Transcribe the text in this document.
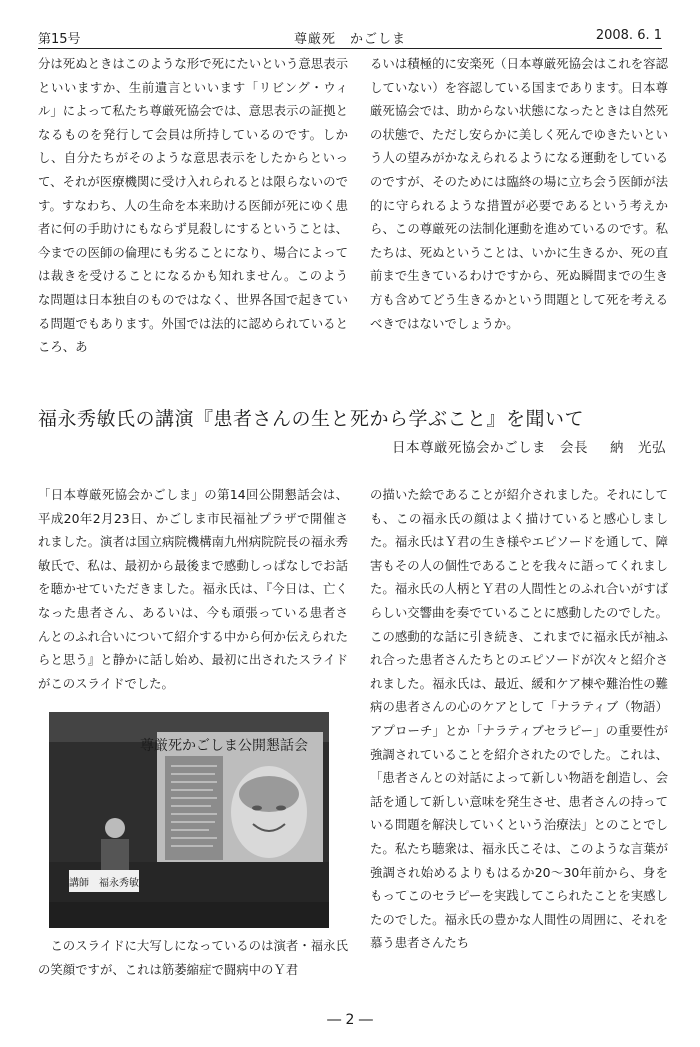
第15号	尊厳死　かごしま	2008. 6. 1

分は死ぬときはこのような形で死にたいという意思表示といいますか、生前遺言といいます「リビング・ウィル」によって私たち尊厳死協会では、意思表示の証拠となるものを発行して会員は所持しているのです。しかし、自分たちがそのような意思表示をしたからといって、それが医療機関に受け入れられるとは限らないのです。すなわち、人の生命を本来助ける医師が死にゆく患者に何の手助けにもならず見殺しにするということは、今までの医師の倫理にも劣ることになり、場合によっては裁きを受けることになるかも知れません。このような問題は日本独自のものではなく、世界各国で起きている問題でもあります。外国では法的に認められているところ、あ

るいは積極的に安楽死（日本尊厳死協会はこれを容認していない）を容認している国まであります。日本尊厳死協会では、助からない状態になったときは自然死の状態で、ただし安らかに美しく死んでゆきたいという人の望みがかなえられるようになる運動をしているのですが、そのためには臨終の場に立ち会う医師が法的に守られるような措置が必要であるという考えから、この尊厳死の法制化運動を進めているのです。私たちは、死ぬということは、いかに生きるか、死の直前まで生きているわけですから、死ぬ瞬間までの生き方も含めてどう生きるかという問題として死を考えるべきではないでしょうか。

福永秀敏氏の講演『患者さんの生と死から学ぶこと』を聞いて
日本尊厳死協会かごしま　会長 納　光弘

「日本尊厳死協会かごしま」の第14回公開懇話会は、平成20年2月23日、かごしま市民福祉プラザで開催されました。演者は国立病院機構南九州病院院長の福永秀敏氏で、私は、最初から最後まで感動しっぱなしでお話を聴かせていただきました。福永氏は、『今日は、亡くなった患者さん、あるいは、今も頑張っている患者さんとのふれ合いについて紹介する中から何か伝えられたらと思う』と静かに話し始め、最初に出されたスライドがこのスライドでした。

尊厳死かごしま公開懇話会
講師　福永秀敏

このスライドに大写しになっているのは演者・福永氏の笑顔ですが、これは筋萎縮症で闘病中のＹ君

の描いた絵であることが紹介されました。それにしても、この福永氏の顔はよく描けていると感心しました。福永氏はＹ君の生き様やエピソードを通して、障害もその人の個性であることを我々に語ってくれました。福永氏の人柄とＹ君の人間性とのふれ合いがすばらしい交響曲を奏でていることに感動したのでした。この感動的な話に引き続き、これまでに福永氏が袖ふれ合った患者さんたちとのエピソードが次々と紹介されました。福永氏は、最近、緩和ケア棟や難治性の難病の患者さんの心のケアとして「ナラティブ（物語）アプローチ」とか「ナラティブセラピー」の重要性が強調されていることを紹介されたのでした。これは、「患者さんとの対話によって新しい物語を創造し、会話を通して新しい意味を発生させ、患者さんの持っている問題を解決していくという治療法」とのことでした。私たち聴衆は、福永氏こそは、このような言葉が強調され始めるよりもはるか20〜30年前から、身をもってこのセラピーを実践してこられたことを実感したのでした。福永氏の豊かな人間性の周囲に、それを慕う患者さんたち

― 2 ―
